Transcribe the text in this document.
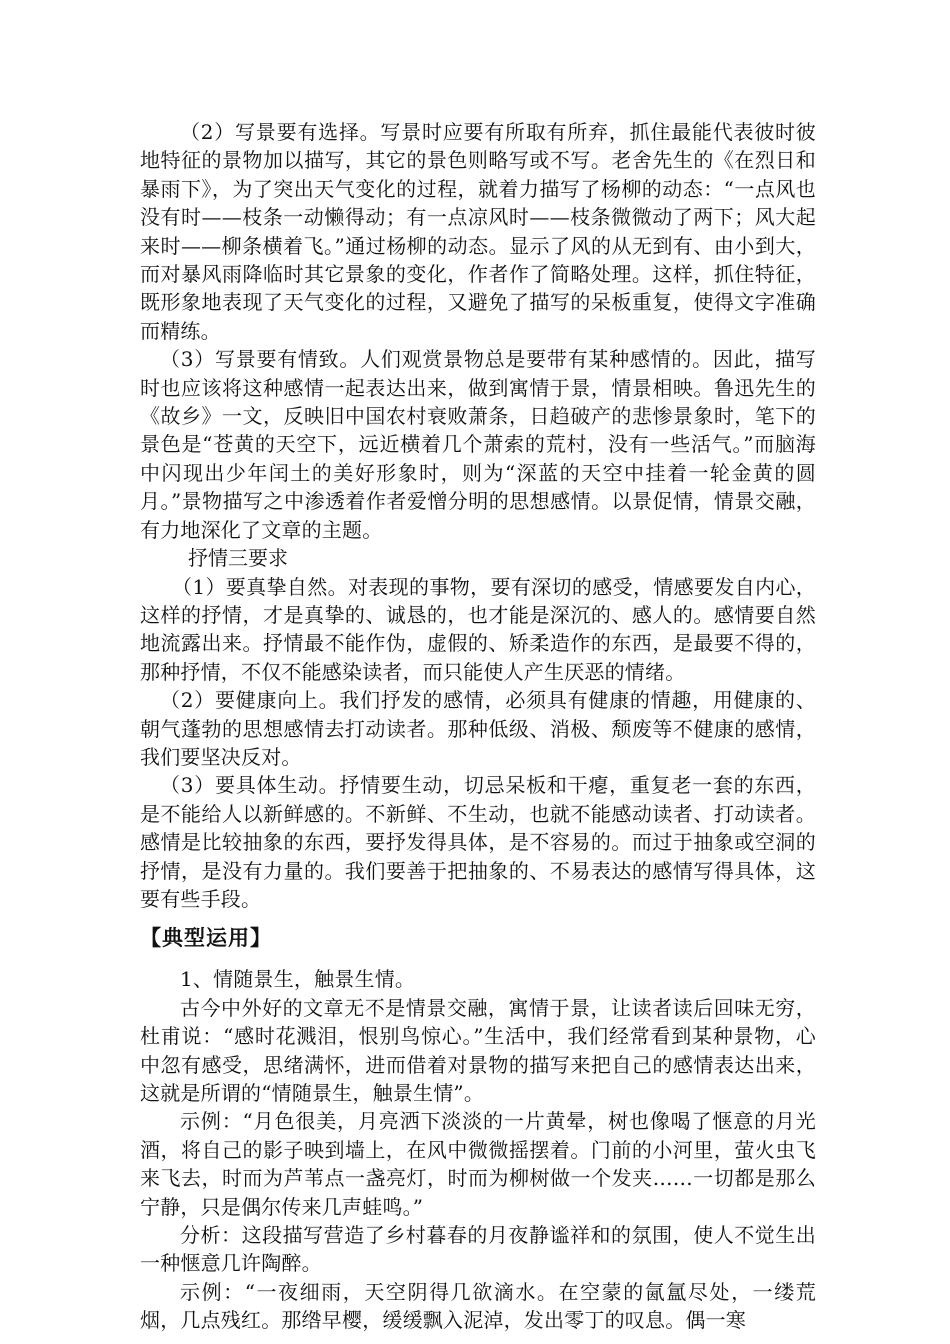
（2）写景要有选择。写景时应要有所取有所弃，抓住最能代表彼时彼地特征的景物加以描写，其它的景色则略写或不写。老舍先生的《在烈日和暴雨下》，为了突出天气变化的过程，就着力描写了杨柳的动态：“一点风也没有时——枝条一动懒得动；有一点凉风时——枝条微微动了两下；风大起来时——柳条横着飞。”通过杨柳的动态。显示了风的从无到有、由小到大，而对暴风雨降临时其它景象的变化，作者作了简略处理。这样，抓住特征，既形象地表现了天气变化的过程，又避免了描写的呆板重复，使得文字准确而精练。

（3）写景要有情致。人们观赏景物总是要带有某种感情的。因此，描写时也应该将这种感情一起表达出来，做到寓情于景，情景相映。鲁迅先生的《故乡》一文，反映旧中国农村衰败萧条，日趋破产的悲惨景象时，笔下的景色是“苍黄的天空下，远近横着几个萧索的荒村，没有一些活气。”而脑海中闪现出少年闰土的美好形象时，则为“深蓝的天空中挂着一轮金黄的圆月。”景物描写之中渗透着作者爱憎分明的思想感情。以景促情，情景交融，有力地深化了文章的主题。

抒情三要求

（1）要真挚自然。对表现的事物，要有深切的感受，情感要发自内心，这样的抒情，才是真挚的、诚恳的，也才能是深沉的、感人的。感情要自然地流露出来。抒情最不能作伪，虚假的、矫柔造作的东西，是最要不得的，那种抒情，不仅不能感染读者，而只能使人产生厌恶的情绪。

（2）要健康向上。我们抒发的感情，必须具有健康的情趣，用健康的、朝气蓬勃的思想感情去打动读者。那种低级、消极、颓废等不健康的感情，我们要坚决反对。

（3）要具体生动。抒情要生动，切忌呆板和干瘪，重复老一套的东西，是不能给人以新鲜感的。不新鲜、不生动，也就不能感动读者、打动读者。感情是比较抽象的东西，要抒发得具体，是不容易的。而过于抽象或空洞的抒情，是没有力量的。我们要善于把抽象的、不易表达的感情写得具体，这要有些手段。

【典型运用】

1、情随景生，触景生情。

古今中外好的文章无不是情景交融，寓情于景，让读者读后回味无穷，杜甫说：“感时花溅泪，恨别鸟惊心。”生活中，我们经常看到某种景物，心中忽有感受，思绪满怀，进而借着对景物的描写来把自己的感情表达出来，这就是所谓的“情随景生，触景生情”。

示例：“月色很美，月亮洒下淡淡的一片黄晕，树也像喝了惬意的月光酒，将自己的影子映到墙上，在风中微微摇摆着。门前的小河里，萤火虫飞来飞去，时而为芦苇点一盏亮灯，时而为柳树做一个发夹……一切都是那么宁静，只是偶尔传来几声蛙鸣。”

分析：这段描写营造了乡村暮春的月夜静谧祥和的氛围，使人不觉生出一种惬意几许陶醉。

示例：“一夜细雨，天空阴得几欲滴水。在空蒙的氤氲尽处，一缕荒烟，几点残红。那绺早樱，缓缓飘入泥淖，发出零丁的叹息。偶一寒
